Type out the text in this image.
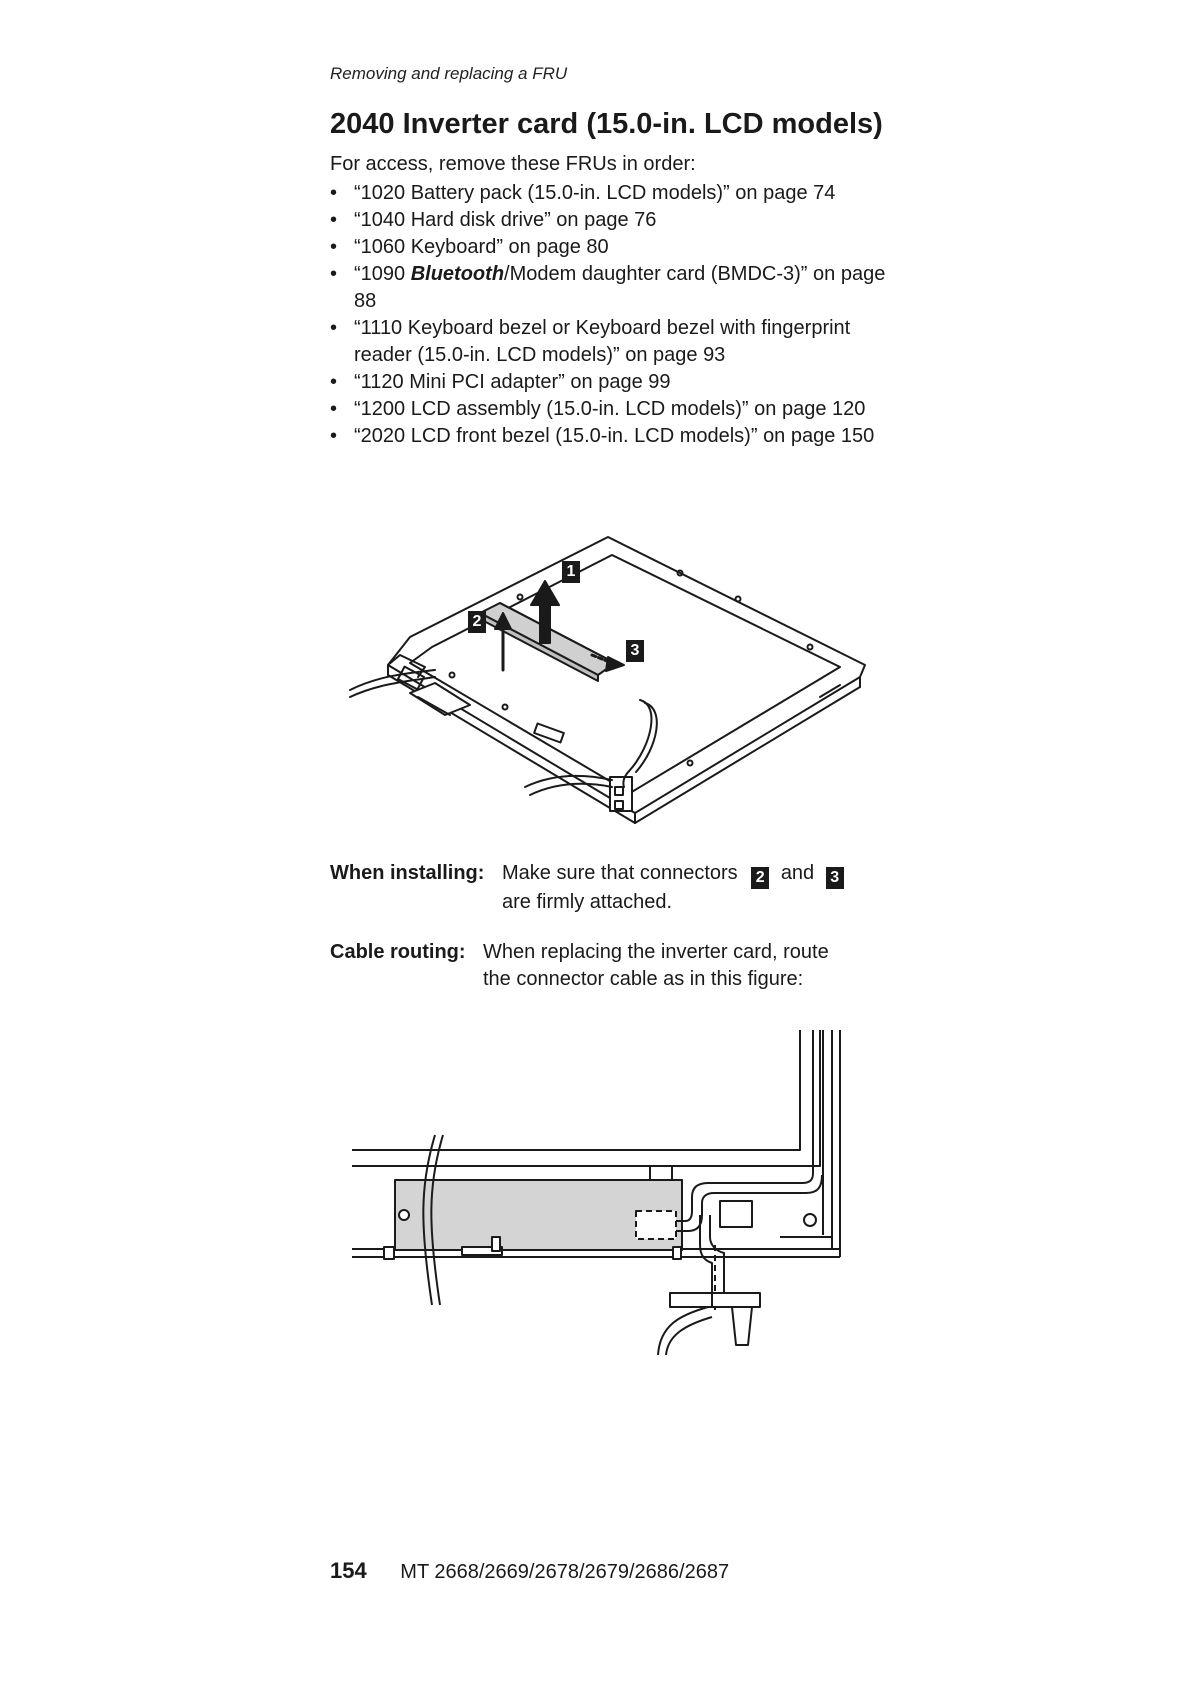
Removing and replacing a FRU
2040 Inverter card (15.0-in. LCD models)
For access, remove these FRUs in order:
• “1020 Battery pack (15.0-in. LCD models)” on page 74
• “1040 Hard disk drive” on page 76
• “1060 Keyboard” on page 80
• “1090 Bluetooth/Modem daughter card (BMDC-3)” on page 88
• “1110 Keyboard bezel or Keyboard bezel with fingerprint reader (15.0-in. LCD models)” on page 93
• “1120 Mini PCI adapter” on page 99
• “1200 LCD assembly (15.0-in. LCD models)” on page 120
• “2020 LCD front bezel (15.0-in. LCD models)” on page 150
1
2
3
When installing: Make sure that connectors 2 and 3
are firmly attached.
Cable routing: When replacing the inverter card, route
the connector cable as in this figure:
154 MT 2668/2669/2678/2679/2686/2687
